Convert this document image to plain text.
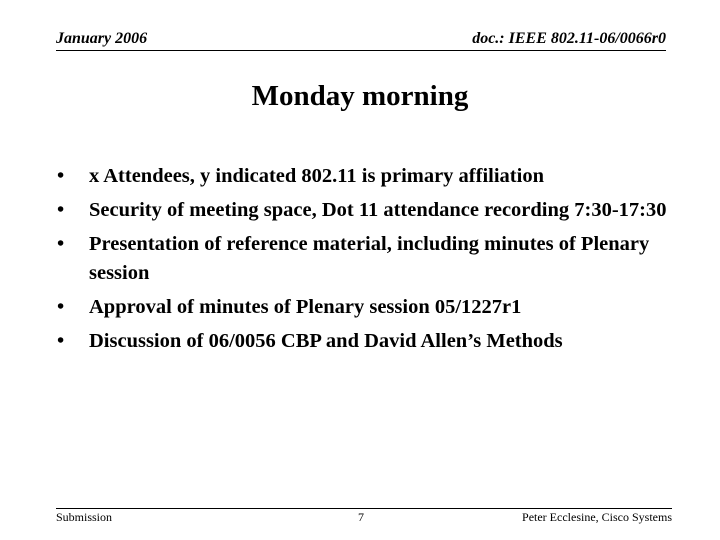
January 2006	doc.: IEEE 802.11-06/0066r0
Monday morning
• x Attendees, y indicated 802.11 is primary affiliation
• Security of meeting space, Dot 11 attendance recording 7:30-17:30
• Presentation of reference material, including minutes of Plenary session
• Approval of minutes of Plenary session 05/1227r1
• Discussion of 06/0056 CBP and David Allen’s Methods
Submission	7	Peter Ecclesine, Cisco Systems
